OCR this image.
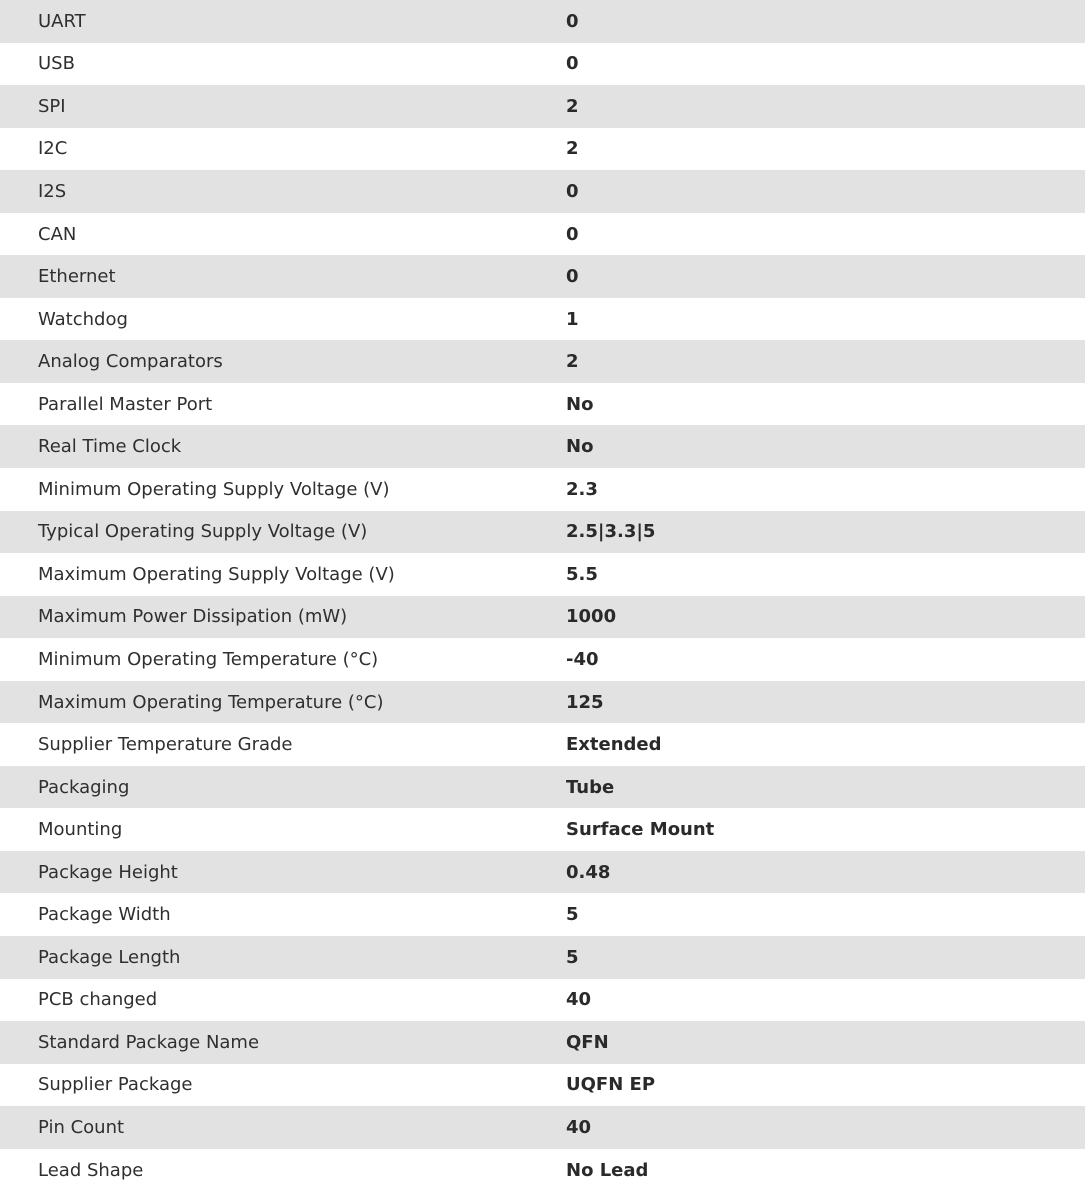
UART	0
USB	0
SPI	2
I2C	2
I2S	0
CAN	0
Ethernet	0
Watchdog	1
Analog Comparators	2
Parallel Master Port	No
Real Time Clock	No
Minimum Operating Supply Voltage (V)	2.3
Typical Operating Supply Voltage (V)	2.5|3.3|5
Maximum Operating Supply Voltage (V)	5.5
Maximum Power Dissipation (mW)	1000
Minimum Operating Temperature (°C)	-40
Maximum Operating Temperature (°C)	125
Supplier Temperature Grade	Extended
Packaging	Tube
Mounting	Surface Mount
Package Height	0.48
Package Width	5
Package Length	5
PCB changed	40
Standard Package Name	QFN
Supplier Package	UQFN EP
Pin Count	40
Lead Shape	No Lead
